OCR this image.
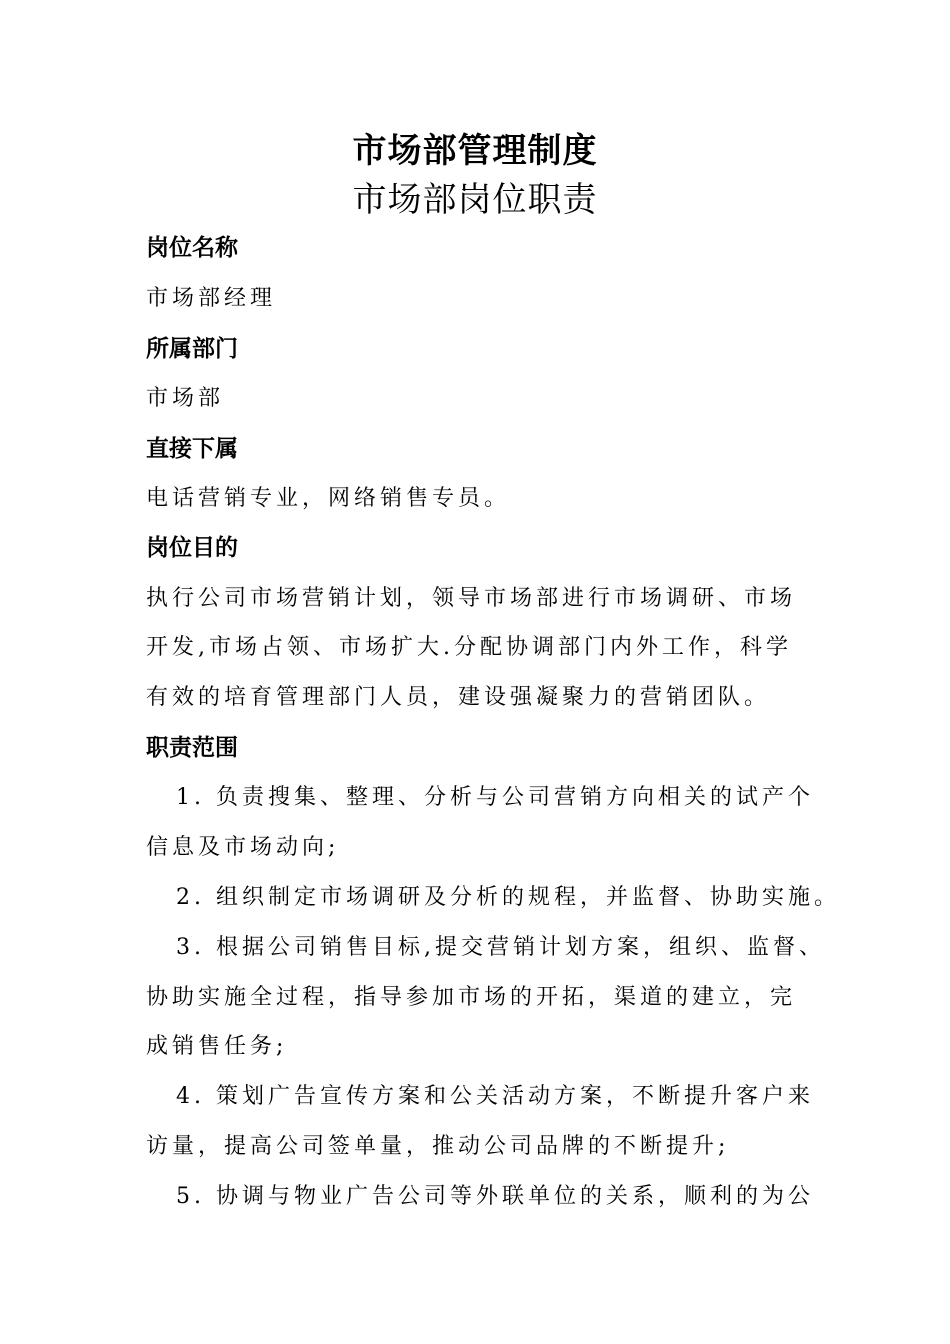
市场部管理制度
市场部岗位职责
岗位名称
市场部经理
所属部门
市场部
直接下属
电话营销专业，网络销售专员。
岗位目的
执行公司市场营销计划，领导市场部进行市场调研、市场
开发,市场占领、市场扩大.分配协调部门内外工作，科学
有效的培育管理部门人员，建设强凝聚力的营销团队。
职责范围
1. 负责搜集、整理、分析与公司营销方向相关的试产个
信息及市场动向;
2. 组织制定市场调研及分析的规程，并监督、协助实施。
3. 根据公司销售目标,提交营销计划方案，组织、监督、
协助实施全过程，指导参加市场的开拓，渠道的建立，完
成销售任务;
4. 策划广告宣传方案和公关活动方案，不断提升客户来
访量，提高公司签单量，推动公司品牌的不断提升;
5. 协调与物业广告公司等外联单位的关系，顺利的为公
